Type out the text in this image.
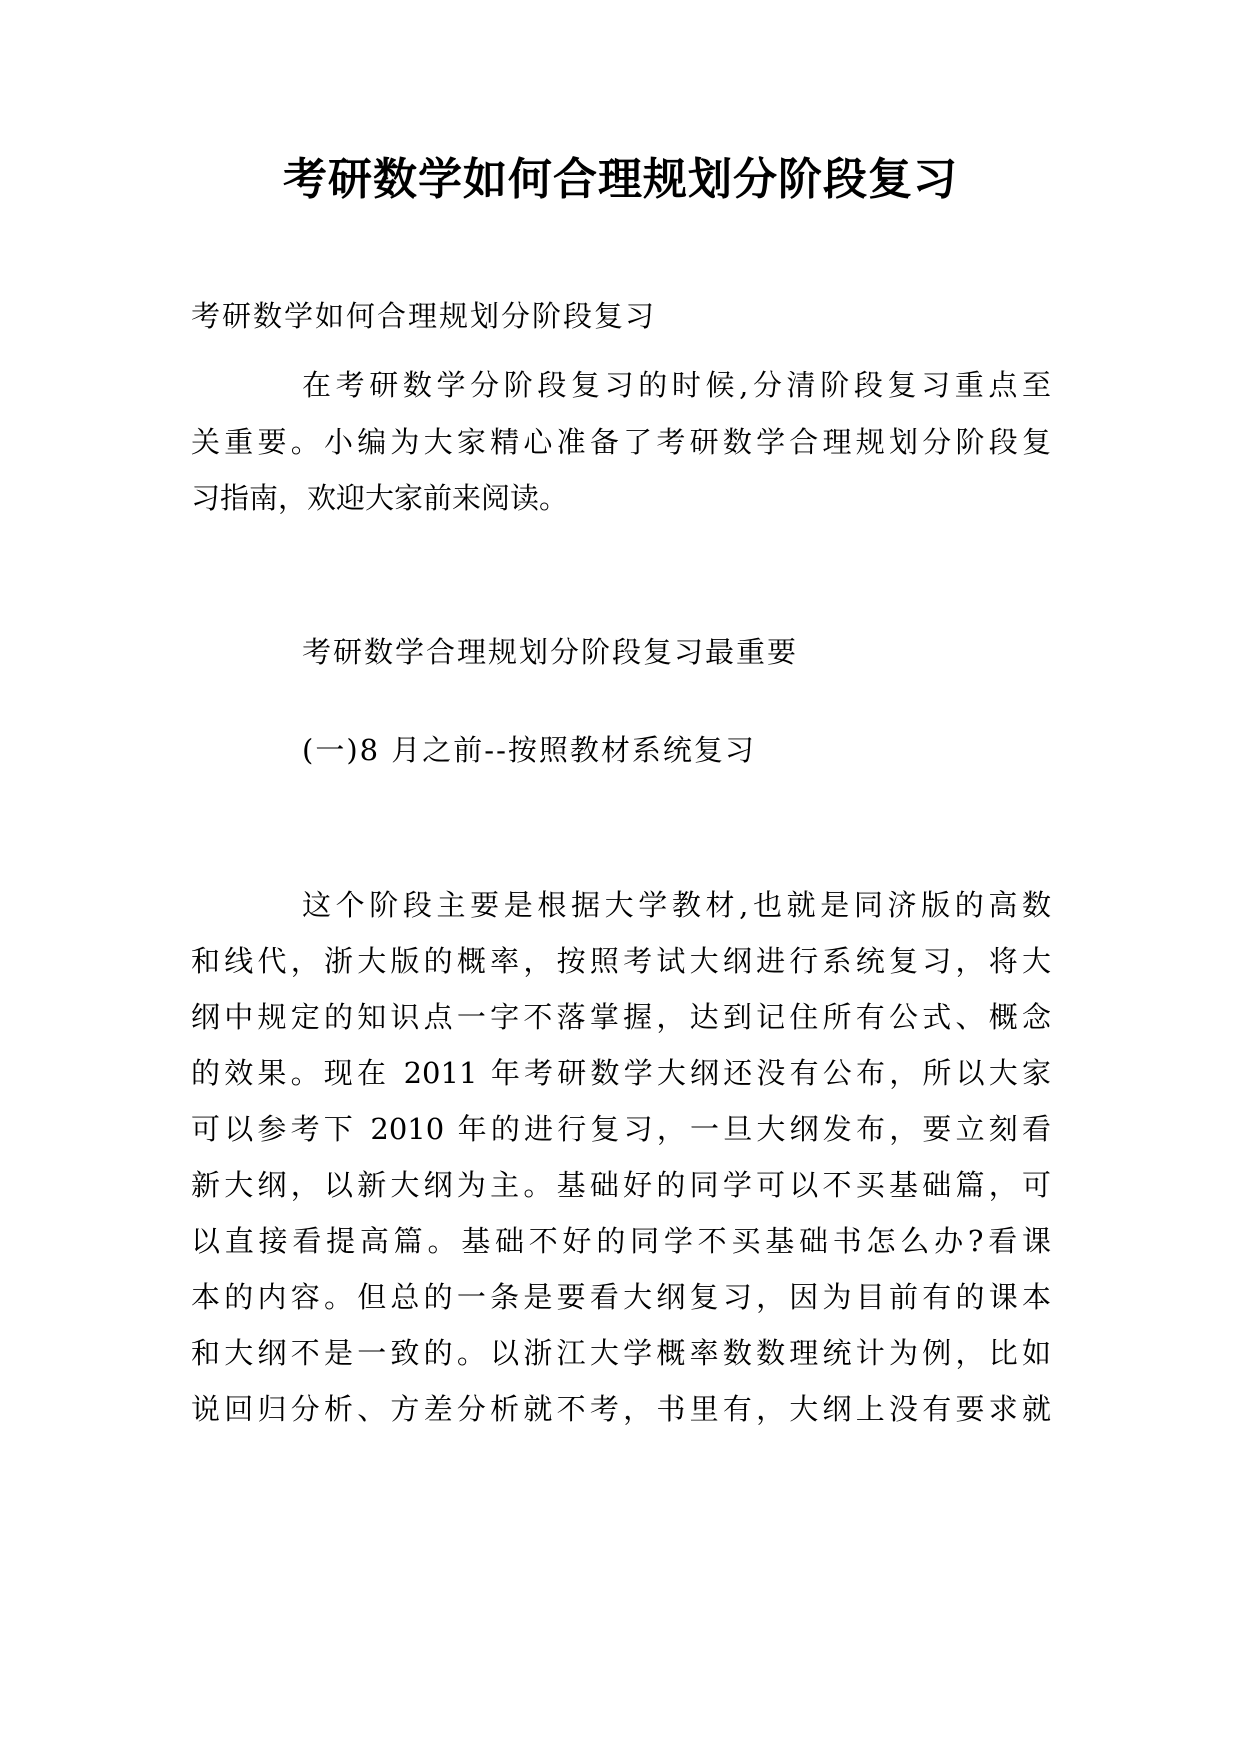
考研数学如何合理规划分阶段复习
考研数学如何合理规划分阶段复习
在考研数学分阶段复习的时候,分清阶段复习重点至
关重要。小编为大家精心准备了考研数学合理规划分阶段复
习指南，欢迎大家前来阅读。
考研数学合理规划分阶段复习最重要
(一)8 月之前--按照教材系统复习
这个阶段主要是根据大学教材,也就是同济版的高数
和线代，浙大版的概率，按照考试大纲进行系统复习，将大
纲中规定的知识点一字不落掌握，达到记住所有公式、概念
的效果。现在 2011 年考研数学大纲还没有公布，所以大家
可以参考下 2010 年的进行复习，一旦大纲发布，要立刻看
新大纲，以新大纲为主。基础好的同学可以不买基础篇，可
以直接看提高篇。基础不好的同学不买基础书怎么办?看课
本的内容。但总的一条是要看大纲复习，因为目前有的课本
和大纲不是一致的。以浙江大学概率数数理统计为例，比如
说回归分析、方差分析就不考，书里有，大纲上没有要求就
